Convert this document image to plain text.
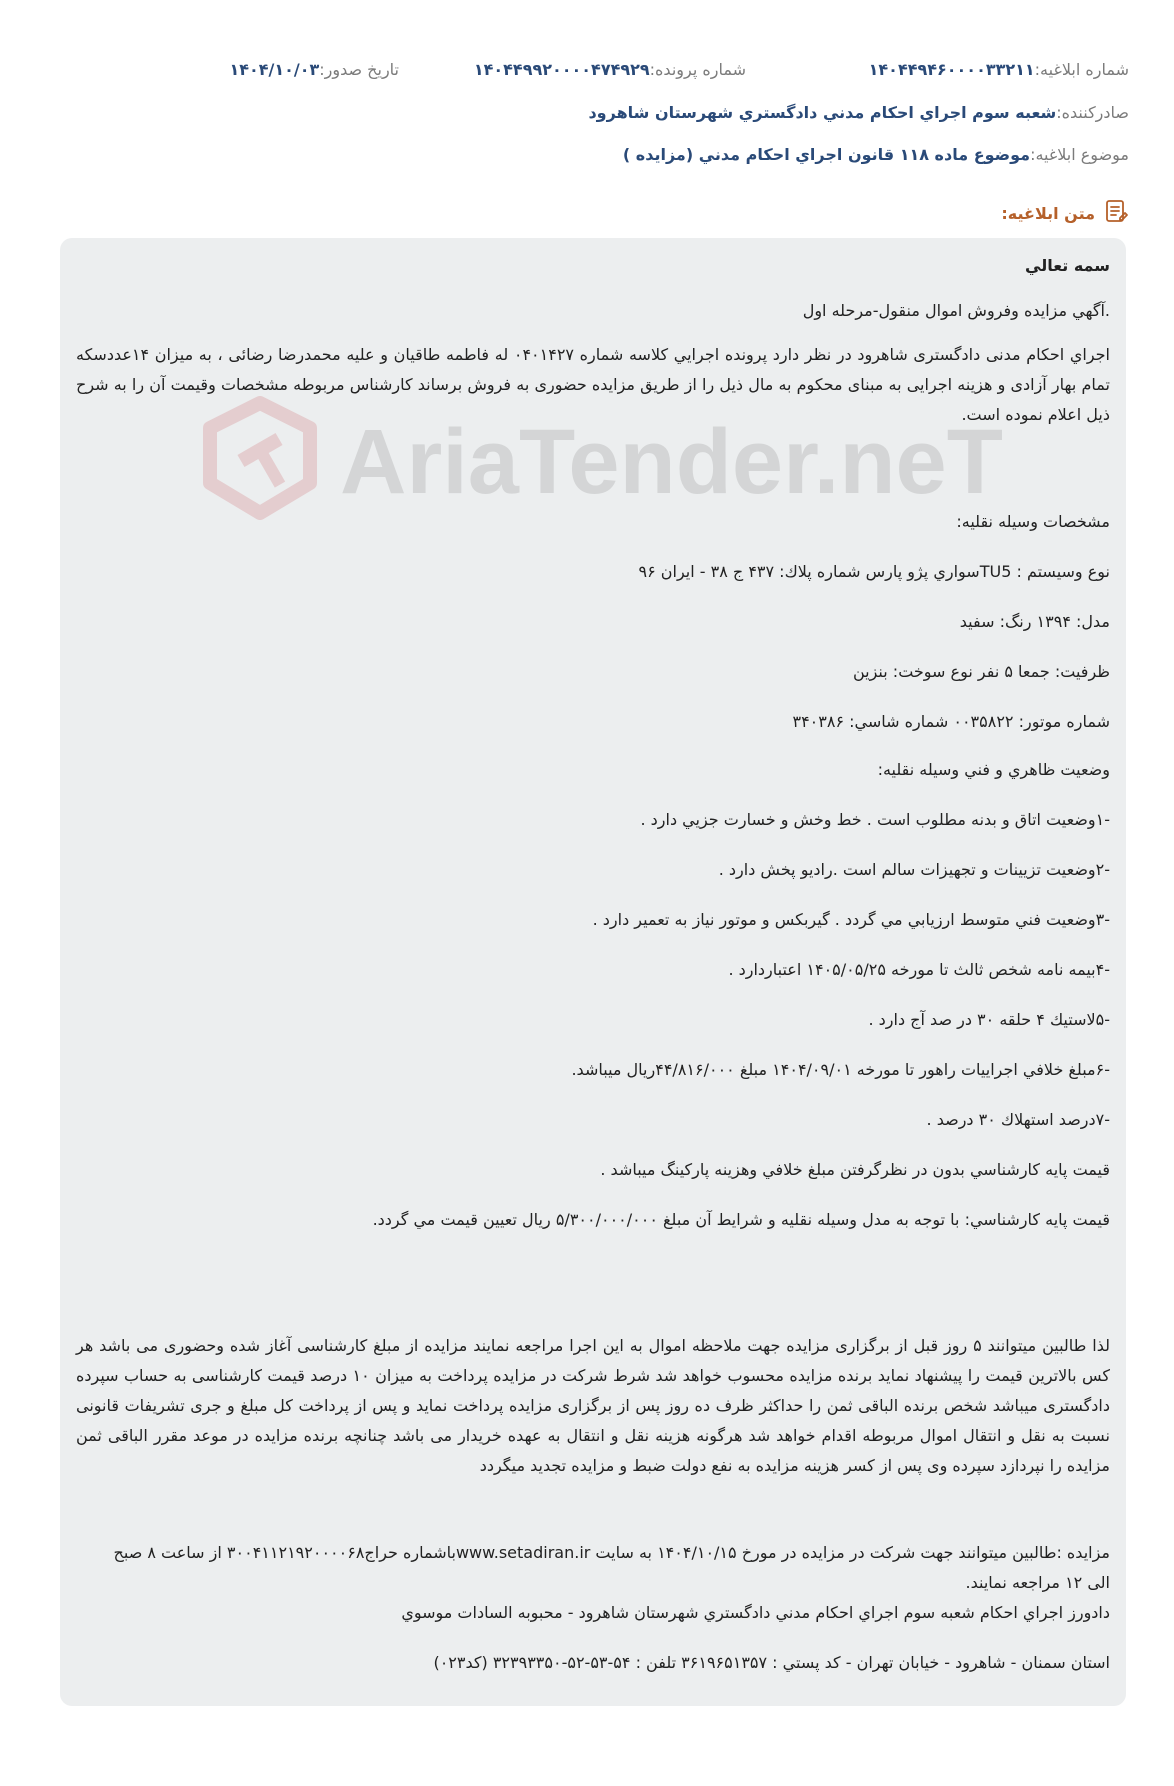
شماره ابلاغیه:
۱۴۰۴۴۹۴۶۰۰۰۰۳۳۲۱۱
شماره پرونده:
۱۴۰۴۴۹۹۲۰۰۰۰۴۷۴۹۲۹
تاریخ صدور:
۱۴۰۴/۱۰/۰۳
صادرکننده:
شعبه سوم اجراي احکام مدني دادگستري شهرستان شاهرود
موضوع ابلاغیه:
موضوع ماده ۱۱۸ قانون اجراي احکام مدني (مزایده )
متن ابلاغیه:
AriaTender.neT
سمه تعالي
.آگهي مزايده وفروش اموال منقول-مرحله اول
اجراي احكام مدنی دادگستری شاهرود در نظر دارد پرونده اجرايي كلاسه شماره ۰۴۰۱۴۲۷ له فاطمه طاقیان و علیه محمدرضا رضائی ، به میزان ۱۴عددسکه تمام بهار آزادی و هزینه اجرایی به مبنای محکوم به مال ذيل را از طريق مزايده حضوری به فروش برساند كارشناس مربوطه مشخصات وقيمت آن را به شرح ذيل اعلام نموده است.
مشخصات وسيله نقليه:
نوع وسيستم : TU5سواري پژو پارس شماره پلاك: ۴۳۷ ج ۳۸ - ايران ۹۶
مدل: ۱۳۹۴ رنگ: سفيد
ظرفيت: جمعا ۵ نفر نوع سوخت: بنزين
شماره موتور: ۰۰۳۵۸۲۲ شماره شاسي: ۳۴۰۳۸۶
وضعيت ظاهري و فني وسيله نقليه:
-۱وضعيت اتاق و بدنه مطلوب است . خط وخش و خسارت جزيي دارد .
-۲وضعيت تزيينات و تجهيزات سالم است .راديو پخش دارد .
-۳وضعيت فني متوسط ارزيابي مي گردد . گيربكس و موتور نياز به تعمير دارد .
-۴بيمه نامه شخص ثالث تا مورخه ۱۴۰۵/۰۵/۲۵ اعتباردارد .
-۵لاستيك ۴ حلقه ۳۰ در صد آج دارد .
-۶مبلغ خلافي اجراييات راهور تا مورخه ۱۴۰۴/۰۹/۰۱ مبلغ ۴۴/۸۱۶/۰۰۰ريال ميباشد.
-۷درصد استهلاك ۳۰ درصد .
قيمت پايه كارشناسي بدون در نظرگرفتن مبلغ خلافي وهزينه پاركينگ ميباشد .
قيمت پايه كارشناسي: با توجه به مدل وسيله نقليه و شرايط آن مبلغ ۵/۳۰۰/۰۰۰/۰۰۰ ريال تعيين قيمت مي گردد.
لذا طالبين میتوانند ۵ روز قبل از برگزاری مزایده جهت ملاحظه اموال به این اجرا مراجعه نمایند مزایده از مبلغ کارشناسی آغاز شده وحضوری می باشد هر کس بالاترین قیمت را پیشنهاد نماید برنده مزایده محسوب خواهد شد شرط شرکت در مزایده پرداخت به میزان ۱۰ درصد قیمت کارشناسی به حساب سپرده دادگستری میباشد شخص برنده الباقی ثمن را حداکثر ظرف ده روز پس از برگزاری مزایده پرداخت نماید و پس از پرداخت کل مبلغ و جری تشریفات قانونی نسبت به نقل و انتقال اموال مربوطه اقدام خواهد شد هرگونه هزینه نقل و انتقال به عهده خریدار می باشد چنانچه برنده مزایده در موعد مقرر الباقی ثمن مزایده را نپردازد سپرده وی پس از کسر هزینه مزایده به نفع دولت ضبط و مزایده تجدید میگردد
مزایده :طالبین میتوانند جهت شرکت در مزایده در مورخ ۱۴۰۴/۱۰/۱۵ به سایت www.setadiran.irباشماره حراج۳۰۰۴۱۱۲۱۹۲۰۰۰۰۶۸ از ساعت ۸ صبح
الی ۱۲ مراجعه نمایند.
دادورز اجراي احكام شعبه سوم اجراي احکام مدني دادگستري شهرستان شاهرود - محبوبه السادات موسوي
استان سمنان - شاهرود - خيابان تهران - كد پستي : ۳۶۱۹۶۵۱۳۵۷ تلفن : ۵۴-۵۳-۵۲-۳۲۳۹۳۳۵۰ (كد۰۲۳)
